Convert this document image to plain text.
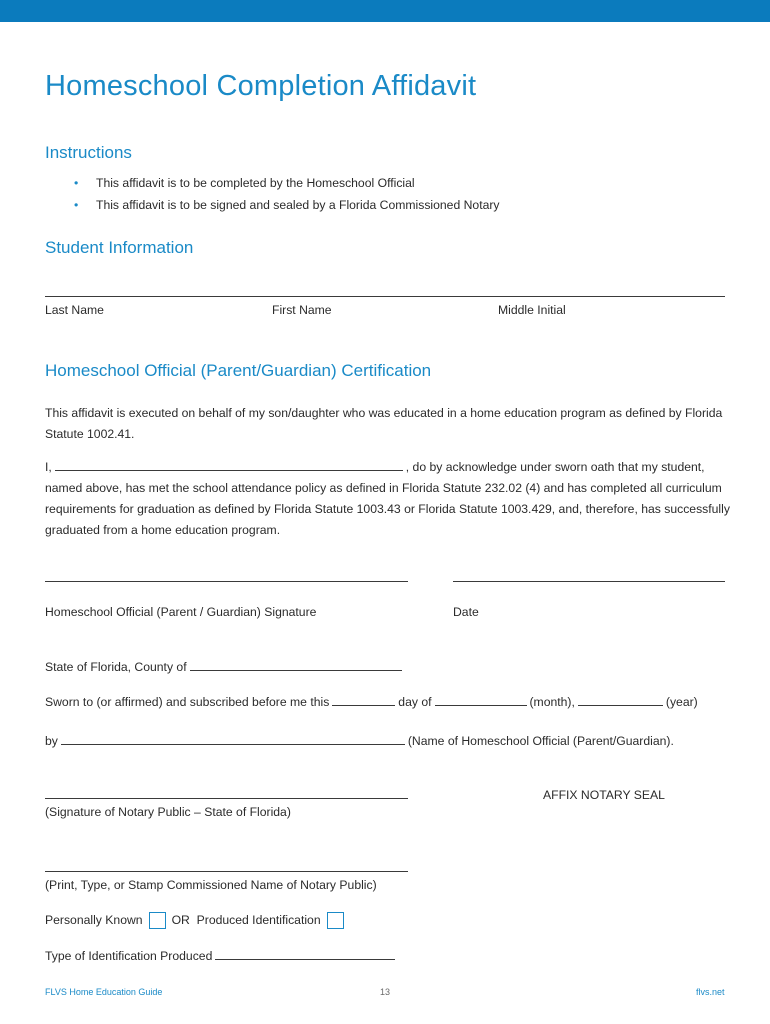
Homeschool Completion Affidavit
Instructions
• This affidavit is to be completed by the Homeschool Official
• This affidavit is to be signed and sealed by a Florida Commissioned Notary
Student Information
Last Name	First Name	Middle Initial
Homeschool Official (Parent/Guardian) Certification
This affidavit is executed on behalf of my son/daughter who was educated in a home education program as defined by Florida Statute 1002.41.
I,	, do by acknowledge under sworn oath that my student, named above, has met the school attendance policy as defined in Florida Statute 232.02 (4) and has completed all curriculum requirements for graduation as defined by Florida Statute 1003.43 or Florida Statute 1003.429, and, therefore, has successfully graduated from a home education program.
Homeschool Official (Parent / Guardian) Signature	Date
State of Florida, County of
Sworn to (or affirmed) and subscribed before me this	day of	(month),	(year)
by	(Name of Homeschool Official (Parent/Guardian).
AFFIX NOTARY SEAL
(Signature of Notary Public – State of Florida)
(Print, Type, or Stamp Commissioned Name of Notary Public)
Personally Known OR Produced Identification
Type of Identification Produced
FLVS Home Education Guide	13	flvs.net
